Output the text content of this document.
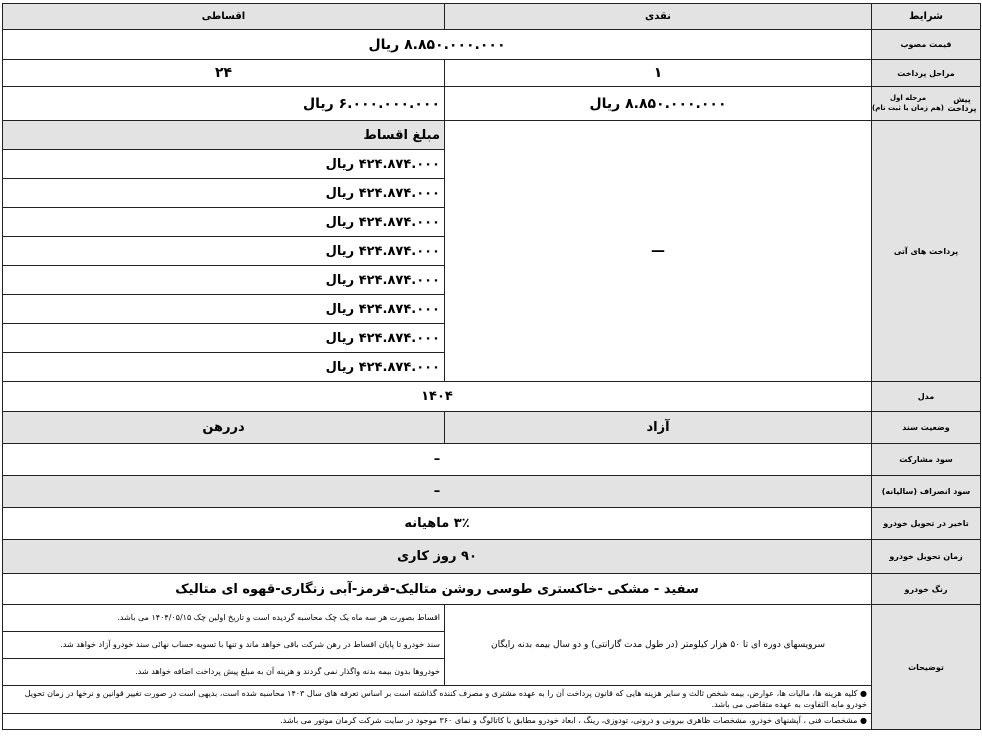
شرایط	نقدی	اقساطی
قیمت مصوب	۸.۸۵۰.۰۰۰.۰۰۰ ریال	
مراحل پرداخت	۱	۲۴

پیش پرداخت
مرحله اول
(هم زمان با ثبت نام)	۸.۸۵۰.۰۰۰.۰۰۰ ریال	۶.۰۰۰.۰۰۰.۰۰۰ ریال
پرداخت های آتی	—	مبلغ اقساط
		۴۲۴.۸۷۴.۰۰۰ ریال
		۴۲۴.۸۷۴.۰۰۰ ریال
		۴۲۴.۸۷۴.۰۰۰ ریال
		۴۲۴.۸۷۴.۰۰۰ ریال
		۴۲۴.۸۷۴.۰۰۰ ریال
		۴۲۴.۸۷۴.۰۰۰ ریال
		۴۲۴.۸۷۴.۰۰۰ ریال
		۴۲۴.۸۷۴.۰۰۰ ریال
مدل	۱۴۰۴	
وضعیت سند	آزاد	دررهن
سود مشارکت	–	
سود انصراف (سالیانه)	–	
تاخیر در تحویل خودرو	۳٪ ماهیانه	
زمان تحویل خودرو	۹۰ روز کاری	
رنگ خودرو	سفید - مشکی -خاکستری طوسی روشن متالیک-قرمز-آبی زنگاری-قهوه ای متالیک	
توضیحات	سرویسهای دوره ای تا ۵۰ هزار کیلومتر (در طول مدت گارانتی) و دو سال بیمه بدنه رایگان	اقساط بصورت هر سه ماه یک چک محاسبه گردیده است و تاریخ اولین چک ۱۴۰۴/۰۵/۱۵ می باشد.
		سند خودرو تا پایان اقساط در رهن شرکت باقی خواهد ماند و تنها با تسویه حساب نهائی سند خودرو آزاد خواهد شد.
		خودروها بدون بیمه بدنه واگذار نمی گردند و هزینه آن به مبلغ پیش پرداخت اضافه خواهد شد.
	● کلیه هزینه ها، مالیات ها، عوارض، بیمه شخص ثالث و سایر هزینه هایی که قانون پرداخت آن را به عهده مشتری و مصرف کننده گذاشته است بر اساس تعرفه های سال ۱۴۰۳ محاسبه شده است، بدیهی است در صورت تغییر قوانین و نرخها در زمان تحویل خودرو مابه التفاوت به عهده متقاضی می باشد.	

	● مشخصات فنی ، آپشنهای خودرو، مشخصات ظاهری بیرونی و درونی، تودوزی، رینگ ، ابعاد خودرو مطابق با کاتالوگ و نمای ۳۶۰ موجود در سایت شرکت کرمان موتور می باشد.	
